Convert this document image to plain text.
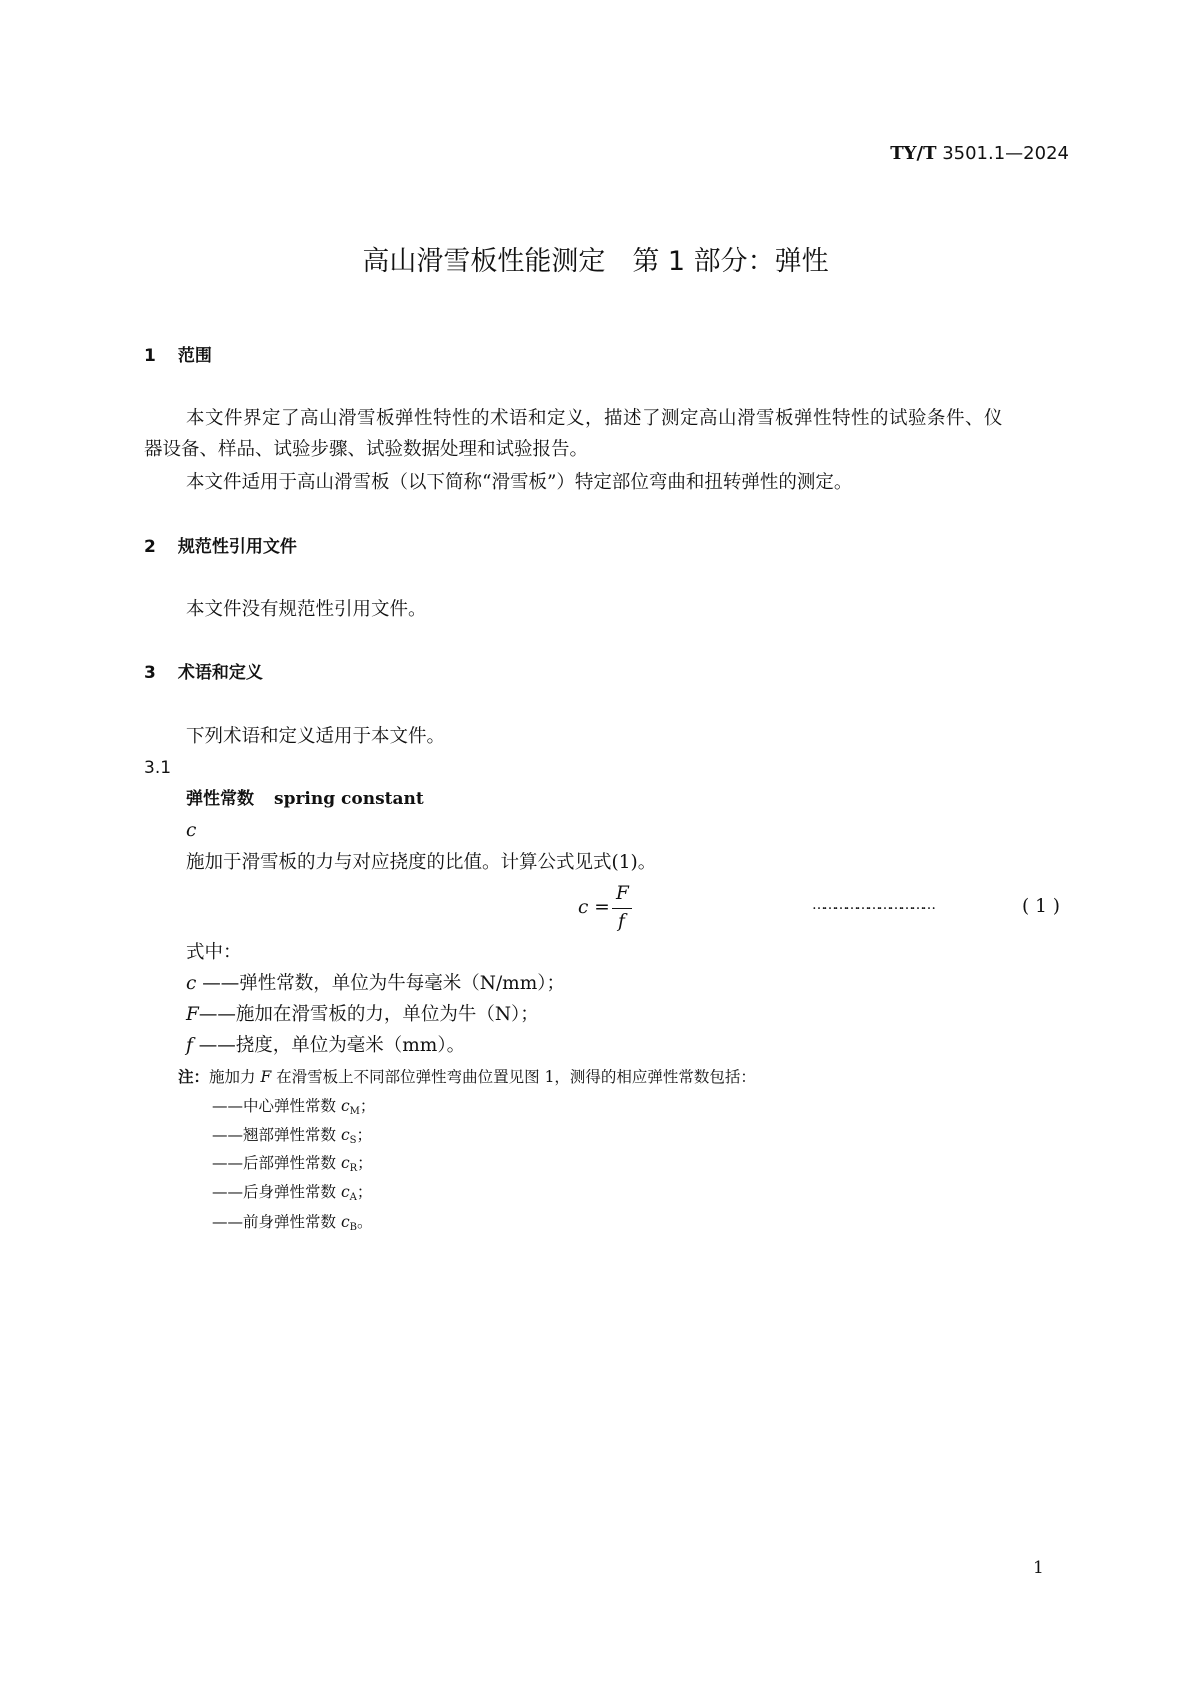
TY/T 3501.1—2024
高山滑雪板性能测定　第 1 部分：弹性
1 范围
本文件界定了高山滑雪板弹性特性的术语和定义，描述了测定高山滑雪板弹性特性的试验条件、仪
器设备、样品、试验步骤、试验数据处理和试验报告。
本文件适用于高山滑雪板（以下简称“滑雪板”）特定部位弯曲和扭转弹性的测定。
2 规范性引用文件
本文件没有规范性引用文件。
3 术语和定义
下列术语和定义适用于本文件。
3.1
弹性常数 spring constant
c
施加于滑雪板的力与对应挠度的比值。计算公式见式(1)。
c =
F
f
……………………………	( 1 )
式中：
c ——弹性常数，单位为牛每毫米（N/mm）；
F——施加在滑雪板的力，单位为牛（N）；
f ——挠度，单位为毫米（mm）。
注：施加力 F 在滑雪板上不同部位弹性弯曲位置见图 1，测得的相应弹性常数包括：
——中心弹性常数 $c_M$；
——翘部弹性常数 $c_S$；
——后部弹性常数 $c_R$；
——后身弹性常数 $c_A$；
——前身弹性常数 $c_B$。
1
